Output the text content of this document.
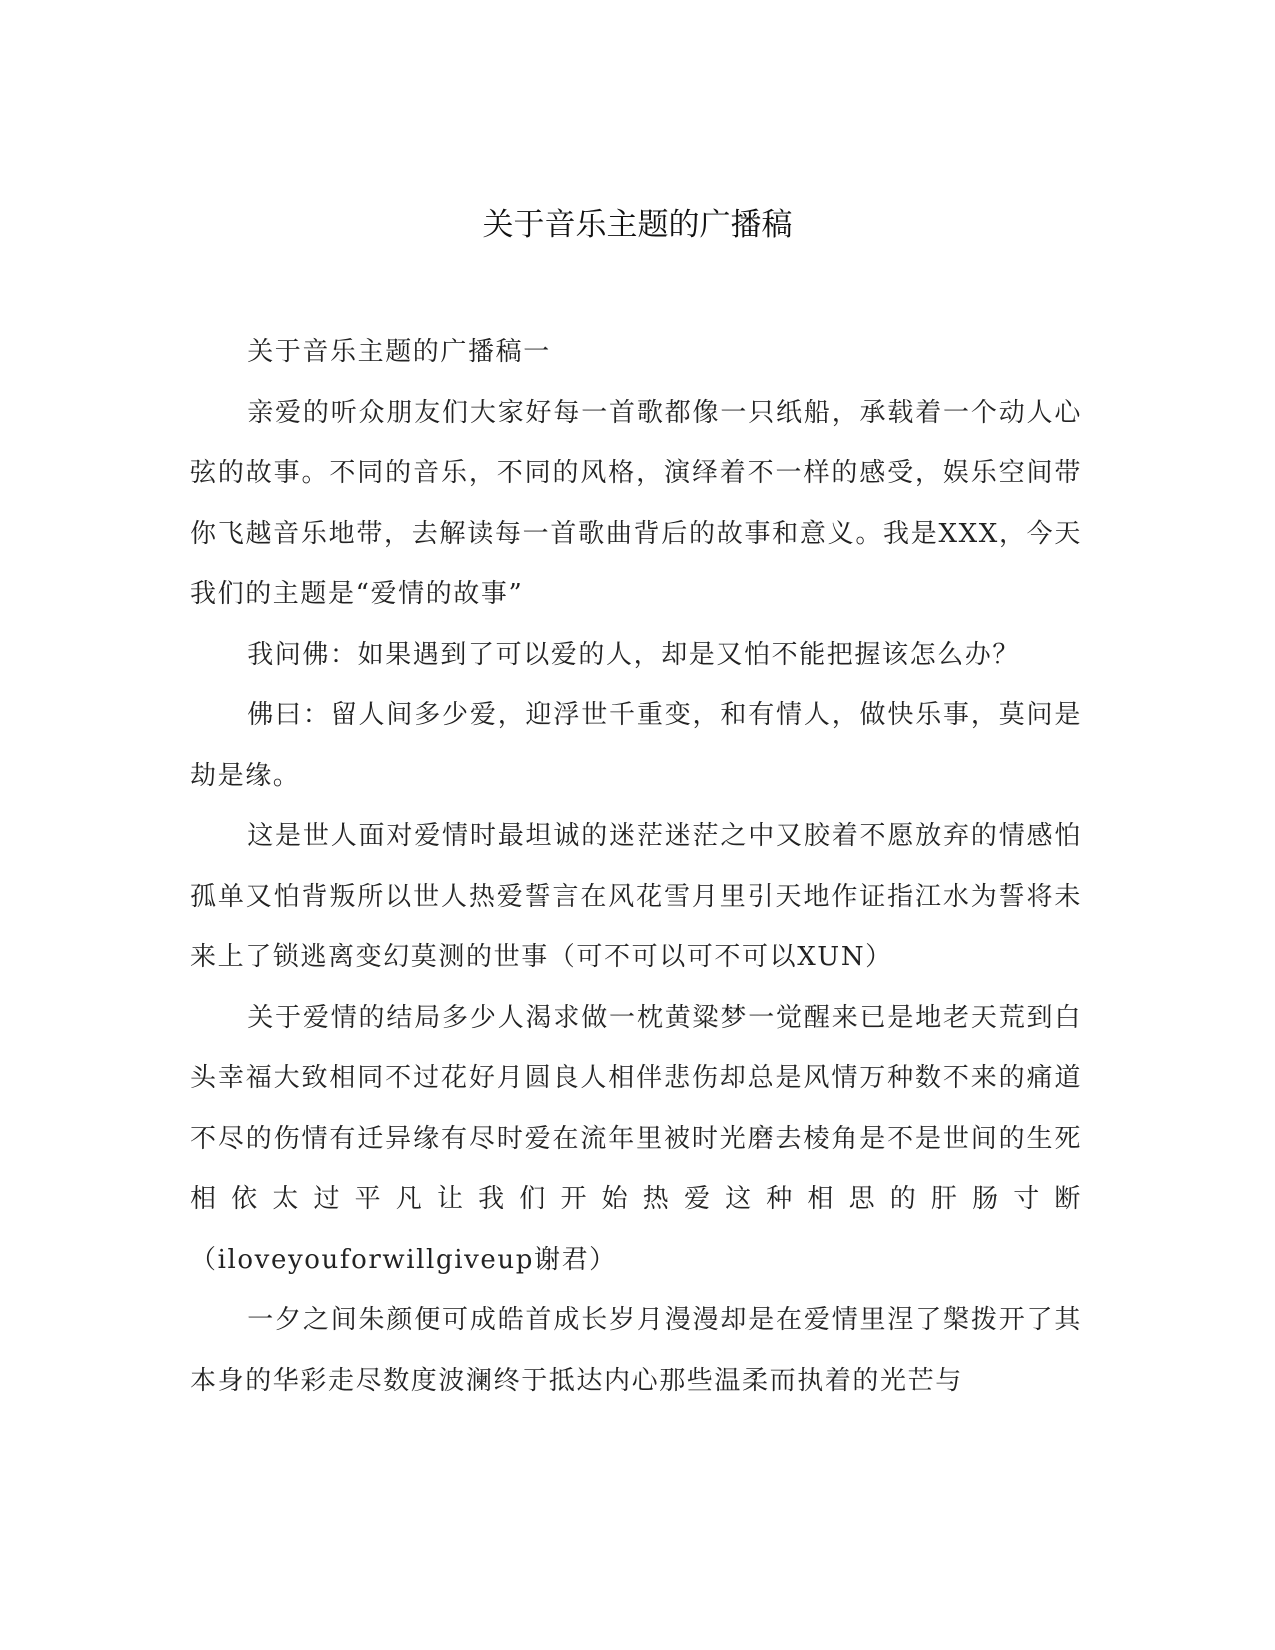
关于音乐主题的广播稿

关于音乐主题的广播稿一

亲爱的听众朋友们大家好每一首歌都像一只纸船，承载着一个动人心弦的故事。不同的音乐，不同的风格，演绎着不一样的感受，娱乐空间带你飞越音乐地带，去解读每一首歌曲背后的故事和意义。我是XXX，今天我们的主题是“爱情的故事”

我问佛：如果遇到了可以爱的人，却是又怕不能把握该怎么办？

佛曰：留人间多少爱，迎浮世千重变，和有情人，做快乐事，莫问是劫是缘。

这是世人面对爱情时最坦诚的迷茫迷茫之中又胶着不愿放弃的情感怕孤单又怕背叛所以世人热爱誓言在风花雪月里引天地作证指江水为誓将未来上了锁逃离变幻莫测的世事（可不可以可不可以XUN）

关于爱情的结局多少人渴求做一枕黄粱梦一觉醒来已是地老天荒到白头幸福大致相同不过花好月圆良人相伴悲伤却总是风情万种数不来的痛道不尽的伤情有迁异缘有尽时爱在流年里被时光磨去棱角是不是世间的生死相依太过平凡让我们开始热爱这种相思的肝肠寸断（iloveyouforwillgiveup谢君）

一夕之间朱颜便可成皓首成长岁月漫漫却是在爱情里涅了槃拨开了其本身的华彩走尽数度波澜终于抵达内心那些温柔而执着的光芒与
